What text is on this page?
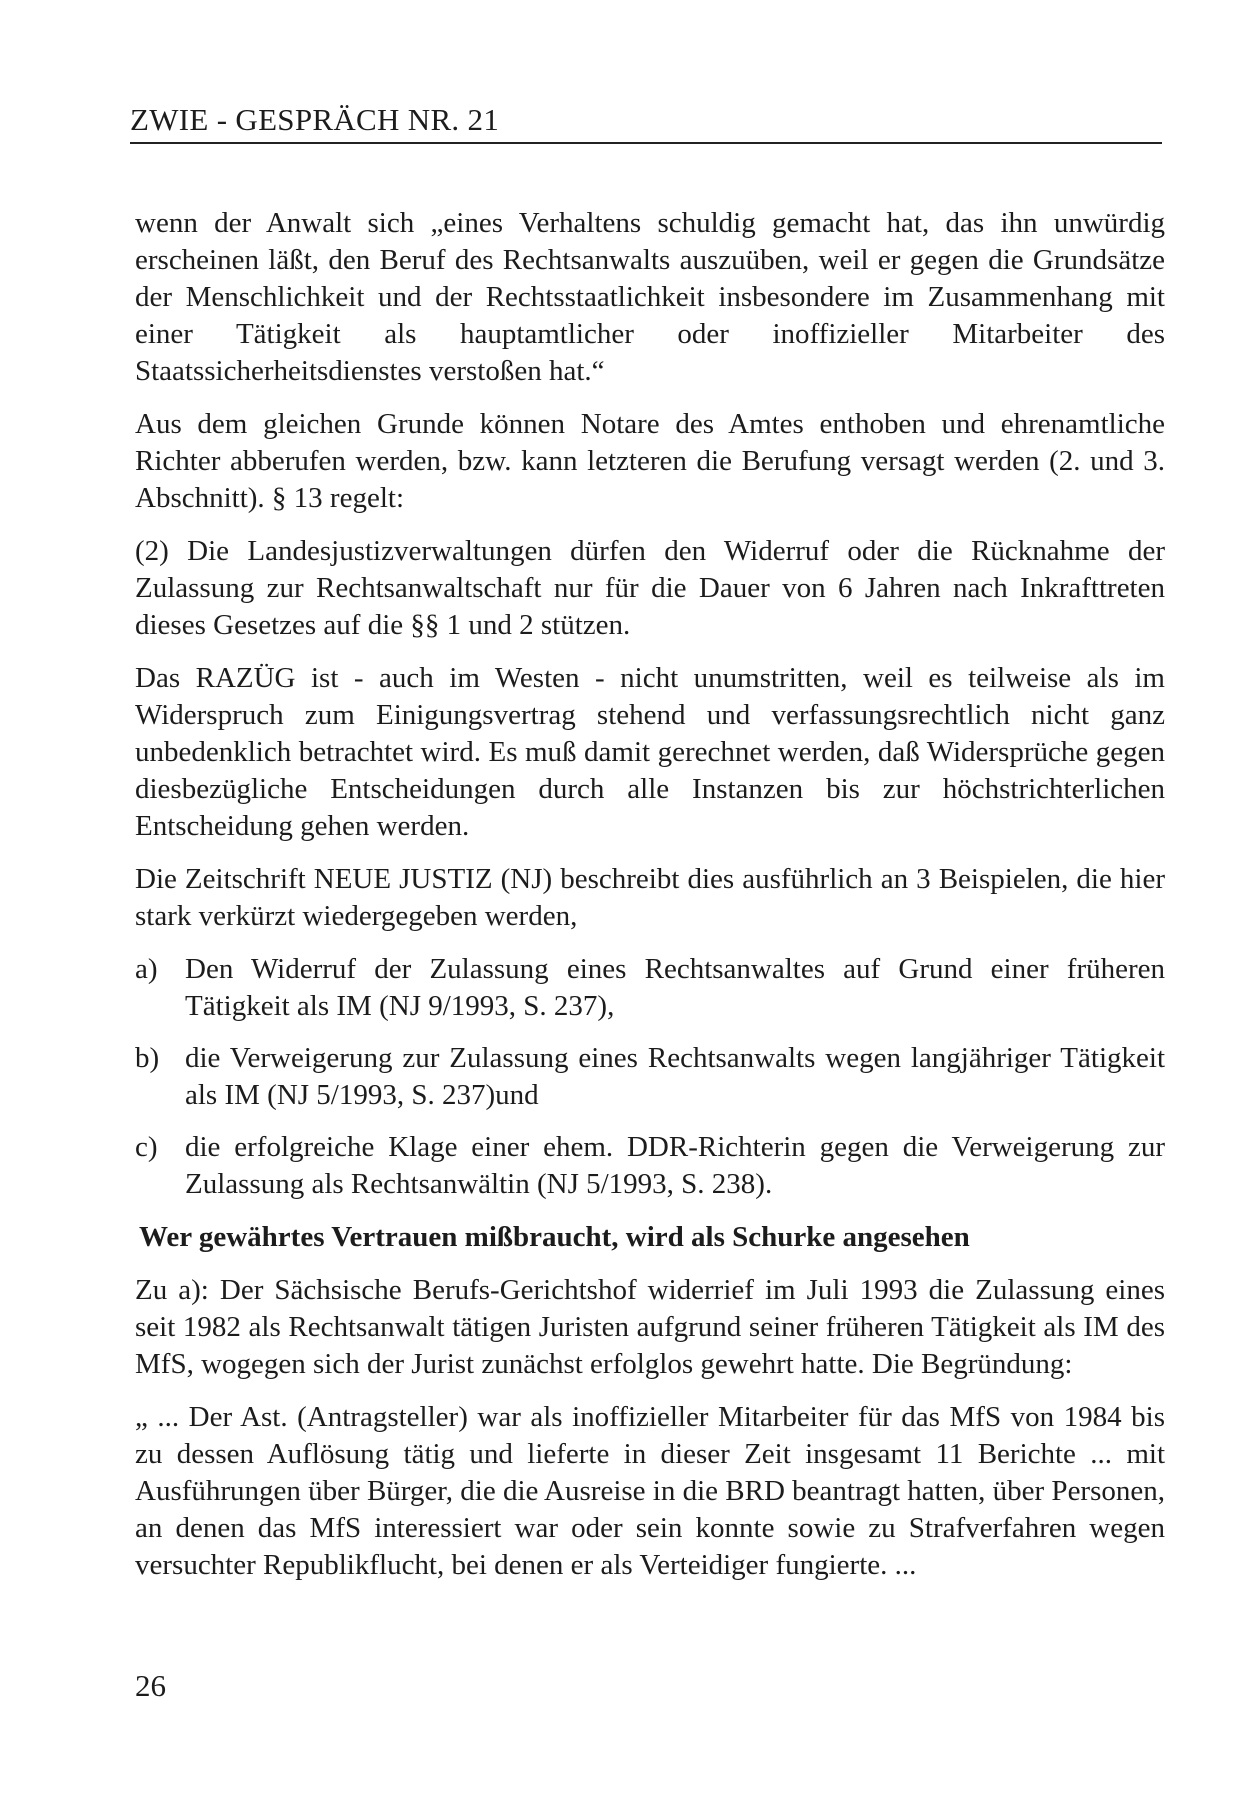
ZWIE - GESPRÄCH NR. 21

wenn der Anwalt sich „eines Verhaltens schuldig gemacht hat, das ihn unwürdig erscheinen läßt, den Beruf des Rechtsanwalts auszuüben, weil er gegen die Grundsätze der Menschlichkeit und der Rechtsstaatlichkeit insbesondere im Zusammenhang mit einer Tätigkeit als hauptamtlicher oder inoffizieller Mitarbeiter des Staatssicherheitsdienstes verstoßen hat.“

Aus dem gleichen Grunde können Notare des Amtes enthoben und ehrenamtliche Richter abberufen werden, bzw. kann letzteren die Berufung versagt werden (2. und 3. Abschnitt). § 13 regelt:

(2) Die Landesjustizverwaltungen dürfen den Widerruf oder die Rücknahme der Zulassung zur Rechtsanwaltschaft nur für die Dauer von 6 Jahren nach Inkrafttreten dieses Gesetzes auf die §§ 1 und 2 stützen.

Das RAZÜG ist - auch im Westen - nicht unumstritten, weil es teilweise als im Widerspruch zum Einigungsvertrag stehend und verfassungsrechtlich nicht ganz unbedenklich betrachtet wird. Es muß damit gerechnet werden, daß Widersprüche gegen diesbezügliche Entscheidungen durch alle Instanzen bis zur höchstrichterlichen Entscheidung gehen werden.

Die Zeitschrift NEUE JUSTIZ (NJ) beschreibt dies ausführlich an 3 Beispielen, die hier stark verkürzt wiedergegeben werden,

a) Den Widerruf der Zulassung eines Rechtsanwaltes auf Grund einer früheren Tätigkeit als IM (NJ 9/1993, S. 237),
b) die Verweigerung zur Zulassung eines Rechtsanwalts wegen langjähriger Tätigkeit als IM (NJ 5/1993, S. 237)und
c) die erfolgreiche Klage einer ehem. DDR-Richterin gegen die Verweigerung zur Zulassung als Rechtsanwältin (NJ 5/1993, S. 238).
Wer gewährtes Vertrauen mißbraucht, wird als Schurke angesehen

Zu a): Der Sächsische Berufs-Gerichtshof widerrief im Juli 1993 die Zulassung eines seit 1982 als Rechtsanwalt tätigen Juristen aufgrund seiner früheren Tätigkeit als IM des MfS, wogegen sich der Jurist zunächst erfolglos gewehrt hatte. Die Begründung:

„ ... Der Ast. (Antragsteller) war als inoffizieller Mitarbeiter für das MfS von 1984 bis zu dessen Auflösung tätig und lieferte in dieser Zeit insgesamt 11 Berichte ... mit Ausführungen über Bürger, die die Ausreise in die BRD beantragt hatten, über Personen, an denen das MfS interessiert war oder sein konnte sowie zu Strafverfahren wegen versuchter Republikflucht, bei denen er als Verteidiger fungierte. ...

26
